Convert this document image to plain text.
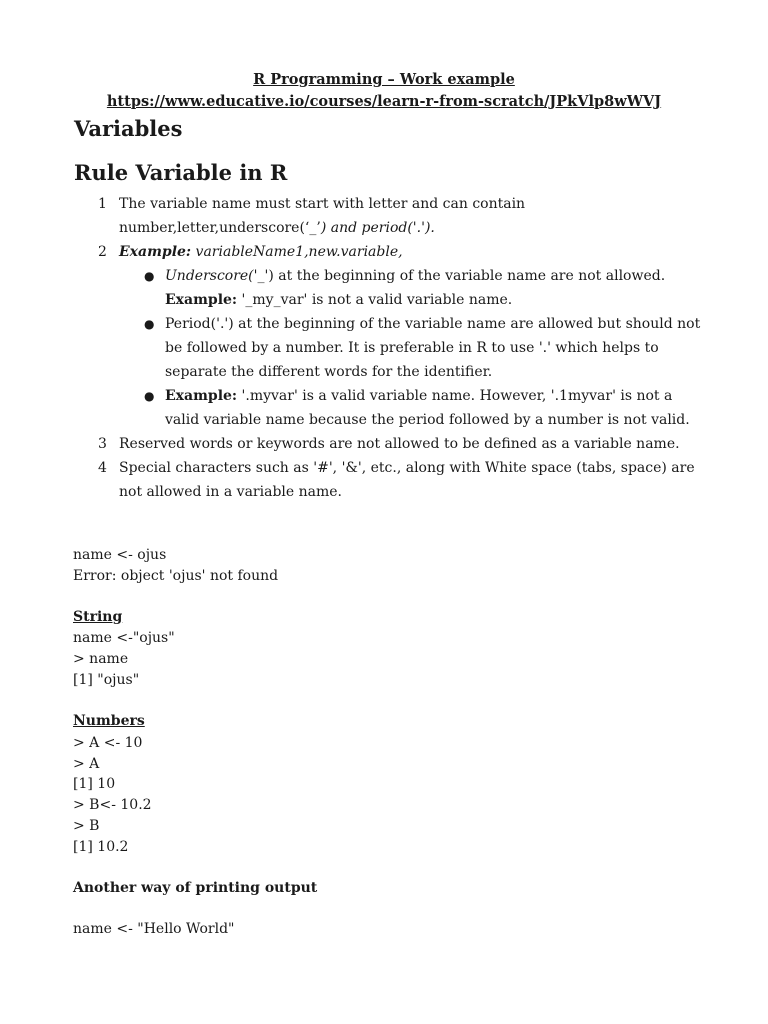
R Programming – Work example
https://www.educative.io/courses/learn-r-from-scratch/JPkVlp8wWVJ
Variables
Rule Variable in R
1 The variable name must start with letter and can contain
number,letter,underscore(‘_’) and period('.').
2 Example: variableName1,new.variable,
● Underscore('_') at the beginning of the variable name are not allowed.
Example: '_my_var' is not a valid variable name.
● Period('.') at the beginning of the variable name are allowed but should not
be followed by a number. It is preferable in R to use '.' which helps to
separate the different words for the identifier.
● Example: '.myvar' is a valid variable name. However, '.1myvar' is not a
valid variable name because the period followed by a number is not valid.
3 Reserved words or keywords are not allowed to be defined as a variable name.
4 Special characters such as '#', '&', etc., along with White space (tabs, space) are
not allowed in a variable name.
name <- ojus
Error: object 'ojus' not found
String
name <-"ojus"
> name
[1] "ojus"
Numbers
> A <- 10
> A
[1] 10
> B<- 10.2
> B
[1] 10.2
Another way of printing output
name <- "Hello World"
